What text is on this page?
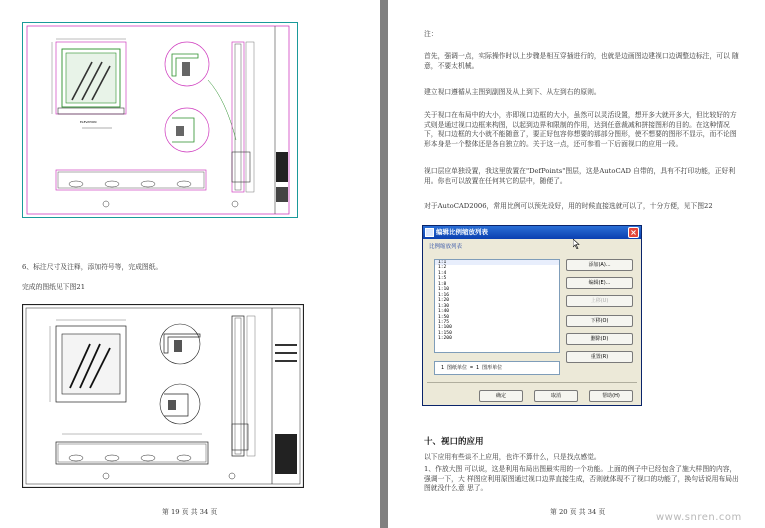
ELEVATION
6、标注尺寸及注释，添加符号等，完成图纸。
完成的图纸见下图21
第 19 页 共 34 页
注：
首先，强调一点，实际操作时以上步骤是相互穿插进行的，也就是边画图边建视口边调整边标注，可以 随意，不要太机械。
建立视口遵循从主图到副图及从上到下、从左到右的原则。
关于视口在布局中的大小，亦即视口边框的大小，虽然可以灵活设置，想开多大就开多大，但比较好的方式则是通过视口边框来构图，以起到边界和限制的作用，达到任意裁减和拼接图形的目的。在这种情况下，视口边框的大小就不能随意了，要正好包容你想要的那部分图形，使不想要的图形不显示，而不论图形本身是一个整体还是各自独立的。关于这一点，还可参看一下后面视口的应用一段。
视口层应单独设置，我这里放置在"DefPoints"图层，这是AutoCAD 自带的，具有不打印功能，正好利用。你也可以放置在任何其它的层中，随便了。
对于AutoCAD2006，常用比例可以预先设好，用的时候直接选就可以了，十分方便，见下图22
编辑比例缩放列表	×
比例缩放列表
1:1
1:2
1:4
1:5
1:8
1:10
1:16
1:20
1:30
1:40
1:50
1:75
1:100
1:150
1:200
添加(A)...
编辑(E)...
上移(U)
下移(O)
删除(D)
重置(R)
1 图纸单位 = 1 图形单位
确定	取消	帮助(H)
十、视口的应用
以下应用有些谈不上应用，也许不算什么，只是找点感觉。
1、作放大图 可以说，这是利用布局出图最实用的一个功能。上面的例子中已经包含了施大样图的内容，强调一下，大 样图应利用原图通过视口边界直接生成，否则就体现不了视口的功能了，换句话说用布局出图就没什么意 思了。
第 20 页 共 34 页	www.snren.com
